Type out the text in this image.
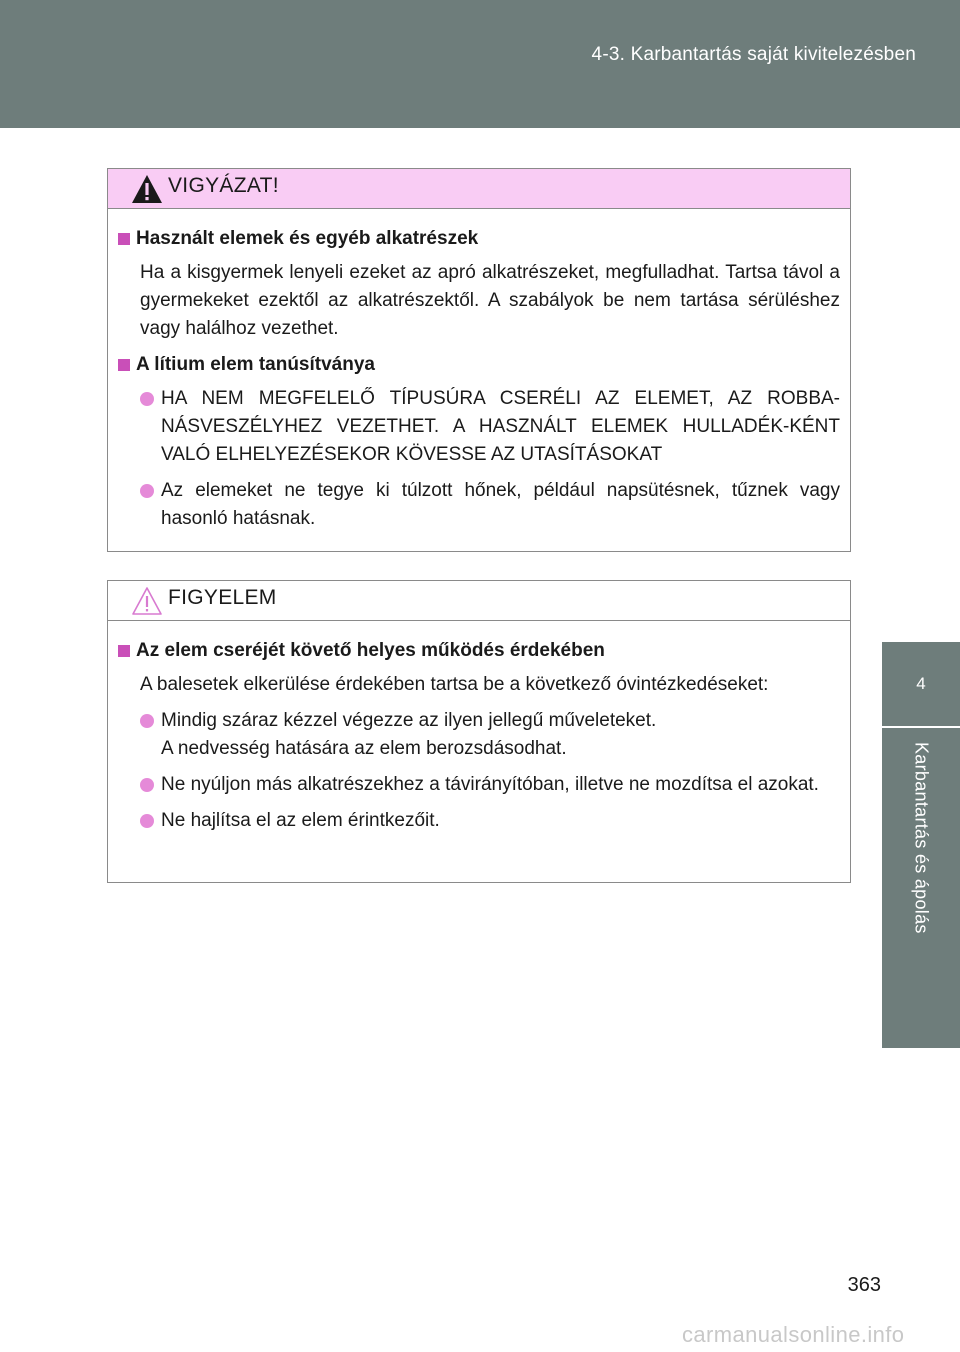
4-3. Karbantartás saját kivitelezésben
4
Karbantartás és ápolás
VIGYÁZAT!
Használt elemek és egyéb alkatrészek
Ha a kisgyermek lenyeli ezeket az apró alkatrészeket, megfulladhat. Tartsa távol a gyermekeket ezektől az alkatrészektől. A szabályok be nem tartása sérüléshez vagy halálhoz vezethet.
A lítium elem tanúsítványa
HA NEM MEGFELELŐ TÍPUSÚRA CSERÉLI AZ ELEMET, AZ ROBBA-NÁSVESZÉLYHEZ VEZETHET. A HASZNÁLT ELEMEK HULLADÉK-KÉNT VALÓ ELHELYEZÉSEKOR KÖVESSE AZ UTASÍTÁSOKAT
Az elemeket ne tegye ki túlzott hőnek, például napsütésnek, tűznek vagy hasonló hatásnak.
FIGYELEM
Az elem cseréjét követő helyes működés érdekében
A balesetek elkerülése érdekében tartsa be a következő óvintézkedéseket:
Mindig száraz kézzel végezze az ilyen jellegű műveleteket.
A nedvesség hatására az elem berozsdásodhat.
Ne nyúljon más alkatrészekhez a távirányítóban, illetve ne mozdítsa el azokat.
Ne hajlítsa el az elem érintkezőit.
363
carmanualsonline.info
